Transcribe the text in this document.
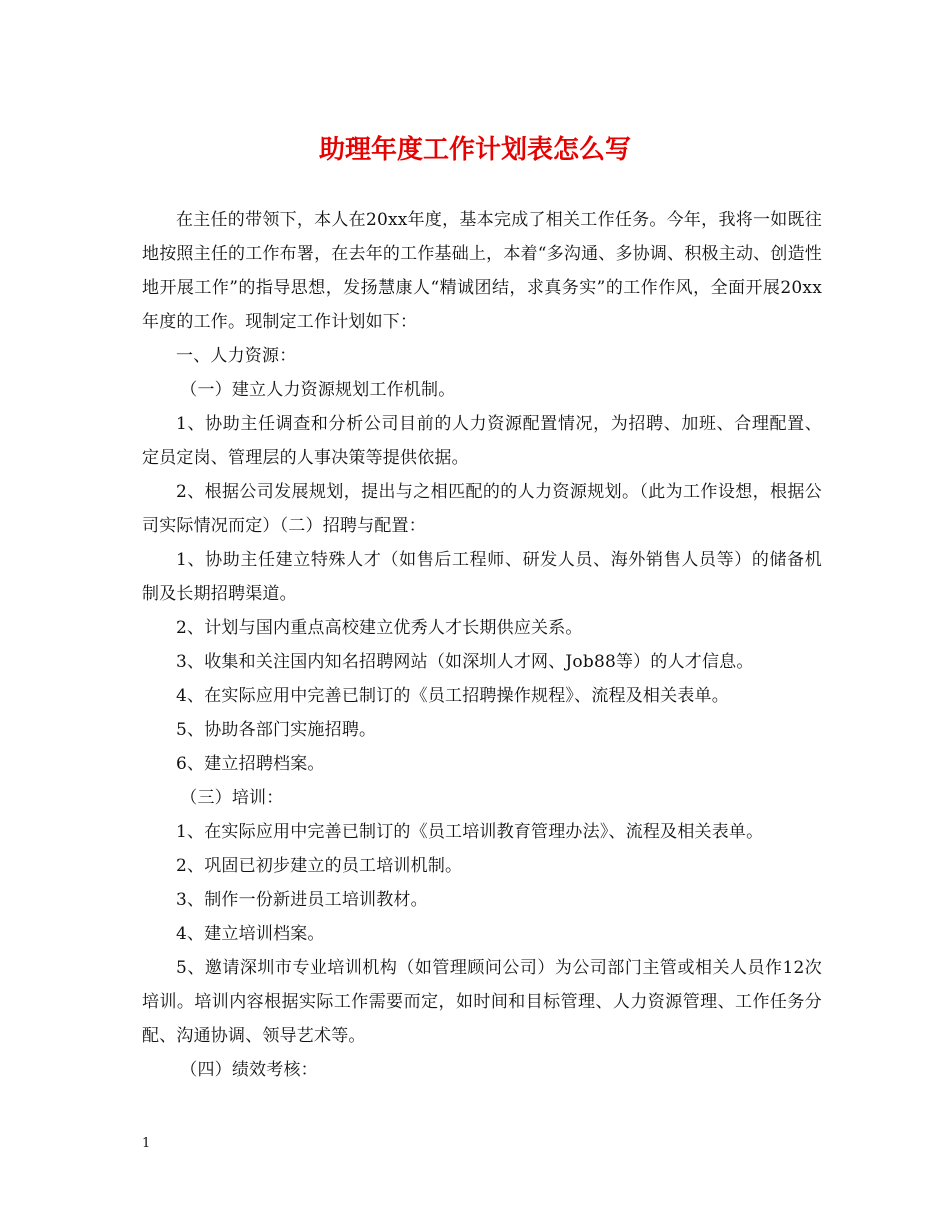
助理年度工作计划表怎么写

在主任的带领下，本人在20xx年度，基本完成了相关工作任务。今年，我将一如既往地按照主任的工作布署，在去年的工作基础上，本着“多沟通、多协调、积极主动、创造性地开展工作”的指导思想，发扬慧康人“精诚团结，求真务实”的工作作风，全面开展20xx年度的工作。现制定工作计划如下：

一、人力资源：

（一）建立人力资源规划工作机制。

1、协助主任调查和分析公司目前的人力资源配置情况，为招聘、加班、合理配置、定员定岗、管理层的人事决策等提供依据。

2、根据公司发展规划，提出与之相匹配的的人力资源规划。（此为工作设想，根据公司实际情况而定）（二）招聘与配置：

1、协助主任建立特殊人才（如售后工程师、研发人员、海外销售人员等）的储备机制及长期招聘渠道。

2、计划与国内重点高校建立优秀人才长期供应关系。

3、收集和关注国内知名招聘网站（如深圳人才网、Job88等）的人才信息。

4、在实际应用中完善已制订的《员工招聘操作规程》、流程及相关表单。

5、协助各部门实施招聘。

6、建立招聘档案。

（三）培训：

1、在实际应用中完善已制订的《员工培训教育管理办法》、流程及相关表单。

2、巩固已初步建立的员工培训机制。

3、制作一份新进员工培训教材。

4、建立培训档案。

5、邀请深圳市专业培训机构（如管理顾问公司）为公司部门主管或相关人员作12次培训。培训内容根据实际工作需要而定，如时间和目标管理、人力资源管理、工作任务分配、沟通协调、领导艺术等。

（四）绩效考核：

1
